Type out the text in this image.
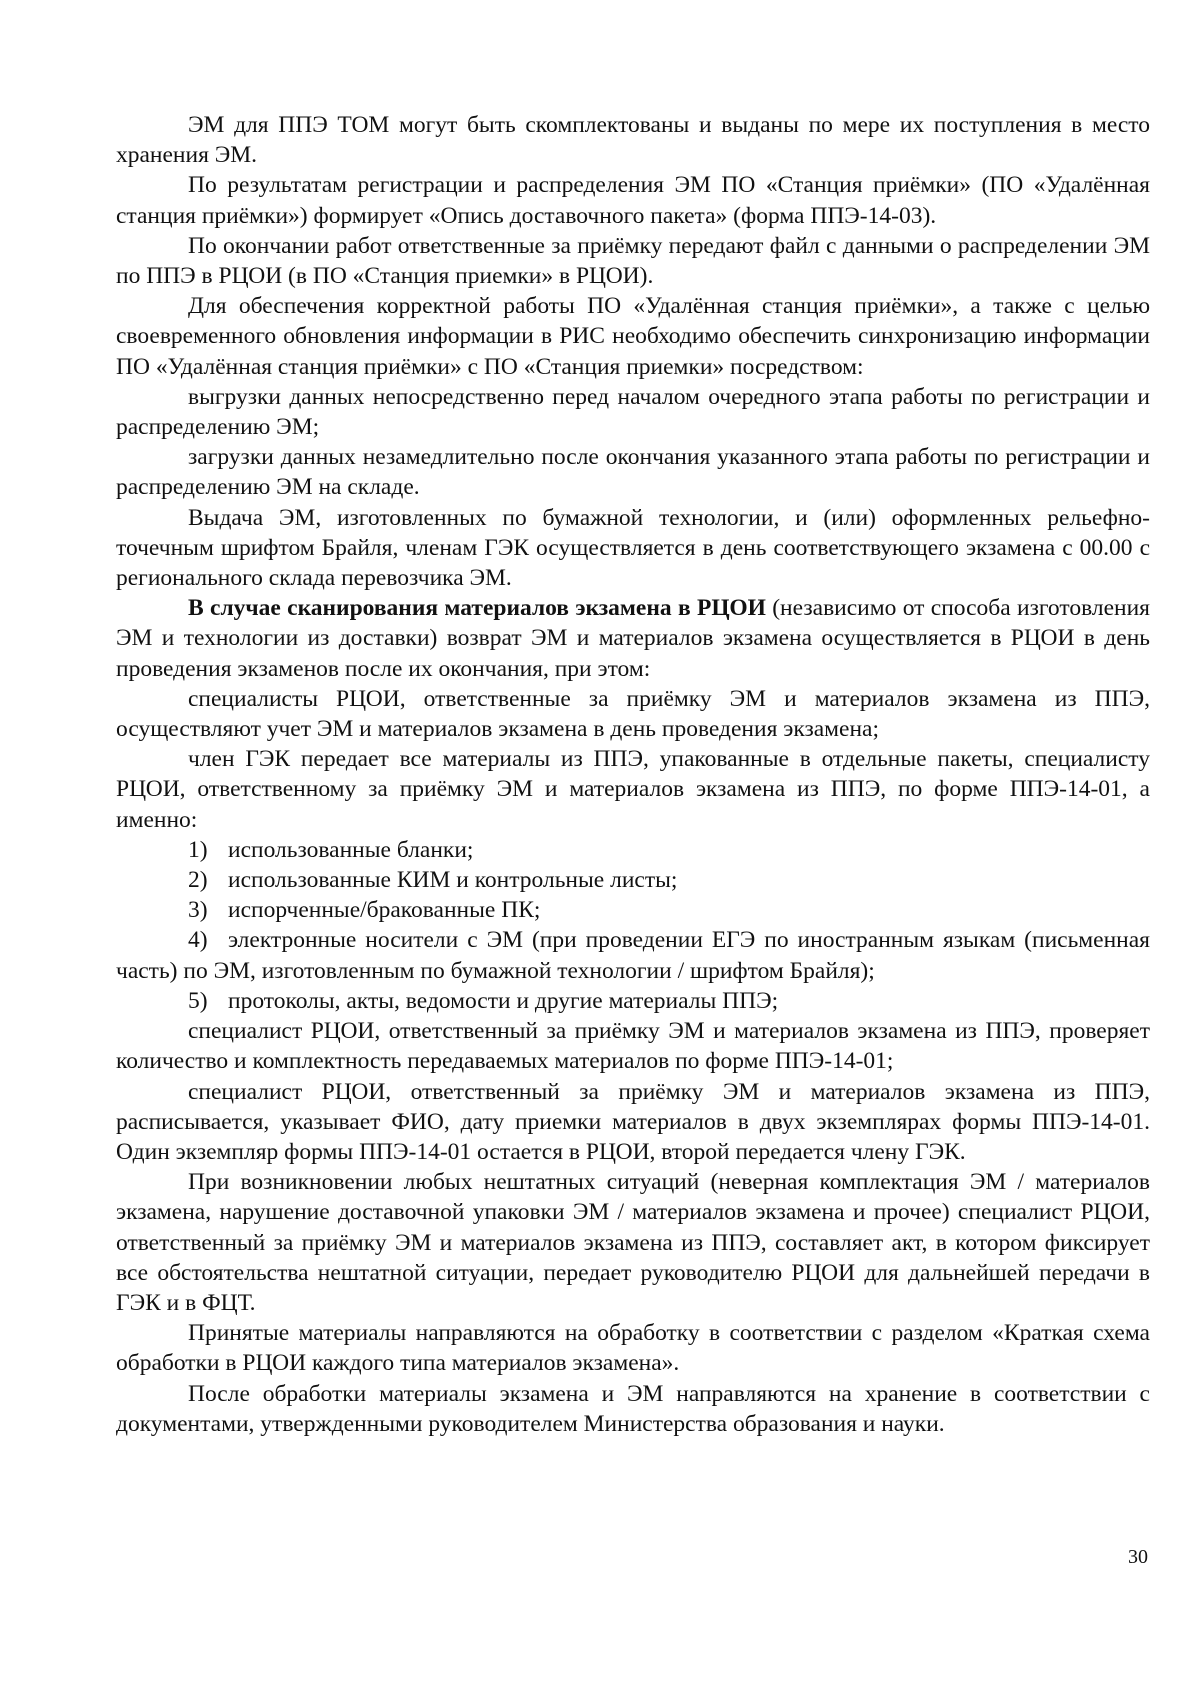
ЭМ для ППЭ ТОМ могут быть скомплектованы и выданы по мере их поступления в место хранения ЭМ.

По результатам регистрации и распределения ЭМ ПО «Станция приёмки» (ПО «Удалённая станция приёмки») формирует «Опись доставочного пакета» (форма ППЭ-14-03).

По окончании работ ответственные за приёмку передают файл с данными о распределении ЭМ по ППЭ в РЦОИ (в ПО «Станция приемки» в РЦОИ).

Для обеспечения корректной работы ПО «Удалённая станция приёмки», а также с целью своевременного обновления информации в РИС необходимо обеспечить синхронизацию информации ПО «Удалённая станция приёмки» с ПО «Станция приемки» посредством:

выгрузки данных непосредственно перед началом очередного этапа работы по регистрации и распределению ЭМ;

загрузки данных незамедлительно после окончания указанного этапа работы по регистрации и распределению ЭМ на складе.

Выдача ЭМ, изготовленных по бумажной технологии, и (или) оформленных рельефно-точечным шрифтом Брайля, членам ГЭК осуществляется в день соответствующего экзамена с 00.00 с регионального склада перевозчика ЭМ.

В случае сканирования материалов экзамена в РЦОИ (независимо от способа изготовления ЭМ и технологии из доставки) возврат ЭМ и материалов экзамена осуществляется в РЦОИ в день проведения экзаменов после их окончания, при этом:

специалисты РЦОИ, ответственные за приёмку ЭМ и материалов экзамена из ППЭ, осуществляют учет ЭМ и материалов экзамена в день проведения экзамена;

член ГЭК передает все материалы из ППЭ, упакованные в отдельные пакеты, специалисту РЦОИ, ответственному за приёмку ЭМ и материалов экзамена из ППЭ, по форме ППЭ-14-01, а именно:

1) использованные бланки;

2) использованные КИМ и контрольные листы;

3) испорченные/бракованные ПК;

4) электронные носители с ЭМ (при проведении ЕГЭ по иностранным языкам (письменная часть) по ЭМ, изготовленным по бумажной технологии / шрифтом Брайля);

5) протоколы, акты, ведомости и другие материалы ППЭ;

специалист РЦОИ, ответственный за приёмку ЭМ и материалов экзамена из ППЭ, проверяет количество и комплектность передаваемых материалов по форме ППЭ-14-01;

специалист РЦОИ, ответственный за приёмку ЭМ и материалов экзамена из ППЭ, расписывается, указывает ФИО, дату приемки материалов в двух экземплярах формы ППЭ-14-01. Один экземпляр формы ППЭ-14-01 остается в РЦОИ, второй передается члену ГЭК.

При возникновении любых нештатных ситуаций (неверная комплектация ЭМ / материалов экзамена, нарушение доставочной упаковки ЭМ / материалов экзамена и прочее) специалист РЦОИ, ответственный за приёмку ЭМ и материалов экзамена из ППЭ, составляет акт, в котором фиксирует все обстоятельства нештатной ситуации, передает руководителю РЦОИ для дальнейшей передачи в ГЭК и в ФЦТ.

Принятые материалы направляются на обработку в соответствии с разделом «Краткая схема обработки в РЦОИ каждого типа материалов экзамена».

После обработки материалы экзамена и ЭМ направляются на хранение в соответствии с документами, утвержденными руководителем Министерства образования и науки.

30
